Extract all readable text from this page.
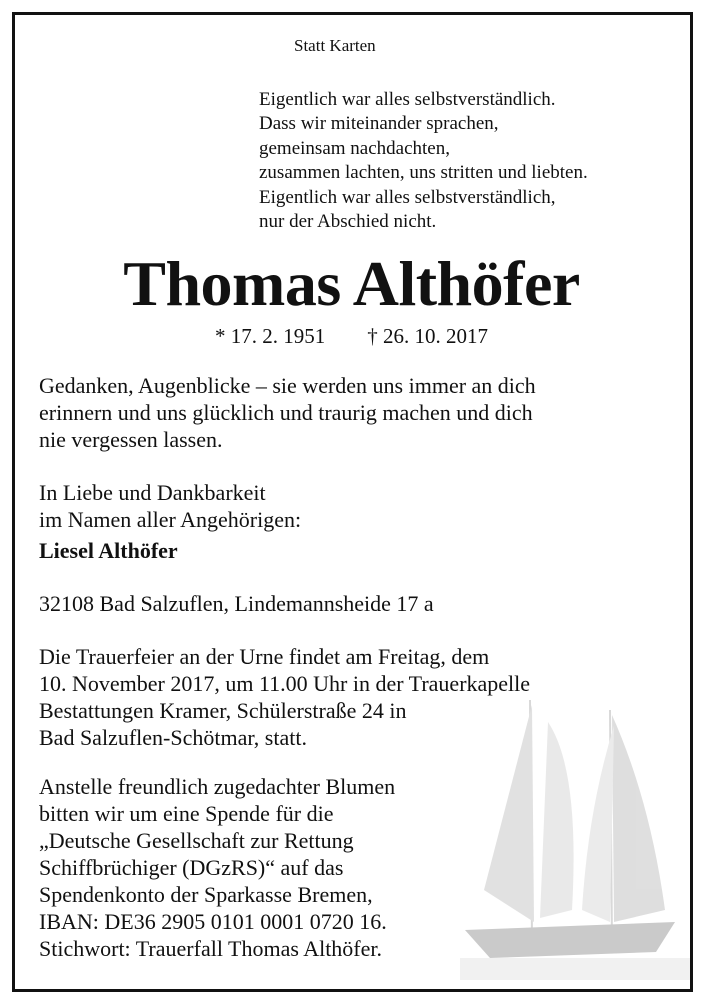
Statt Karten

Eigentlich war alles selbstverständlich.
Dass wir miteinander sprachen,
gemeinsam nachdachten,
zusammen lachten, uns stritten und liebten.
Eigentlich war alles selbstverständlich,
nur der Abschied nicht.
Thomas Althöfer
* 17. 2. 1951 † 26. 10. 2017
Gedanken, Augenblicke – sie werden uns immer an dich
erinnern und uns glücklich und traurig machen und dich
nie vergessen lassen.
In Liebe und Dankbarkeit
im Namen aller Angehörigen:

Liesel Althöfer

32108 Bad Salzuflen, Lindemannsheide 17 a
Die Trauerfeier an der Urne findet am Freitag, dem
10. November 2017, um 11.00 Uhr in der Trauerkapelle
Bestattungen Kramer, Schülerstraße 24 in
Bad Salzuflen-Schötmar, statt.
Anstelle freundlich zugedachter Blumen
bitten wir um eine Spende für die
„Deutsche Gesellschaft zur Rettung
Schiffbrüchiger (DGzRS)“ auf das
Spendenkonto der Sparkasse Bremen,
IBAN: DE36 2905 0101 0001 0720 16.
Stichwort: Trauerfall Thomas Althöfer.
